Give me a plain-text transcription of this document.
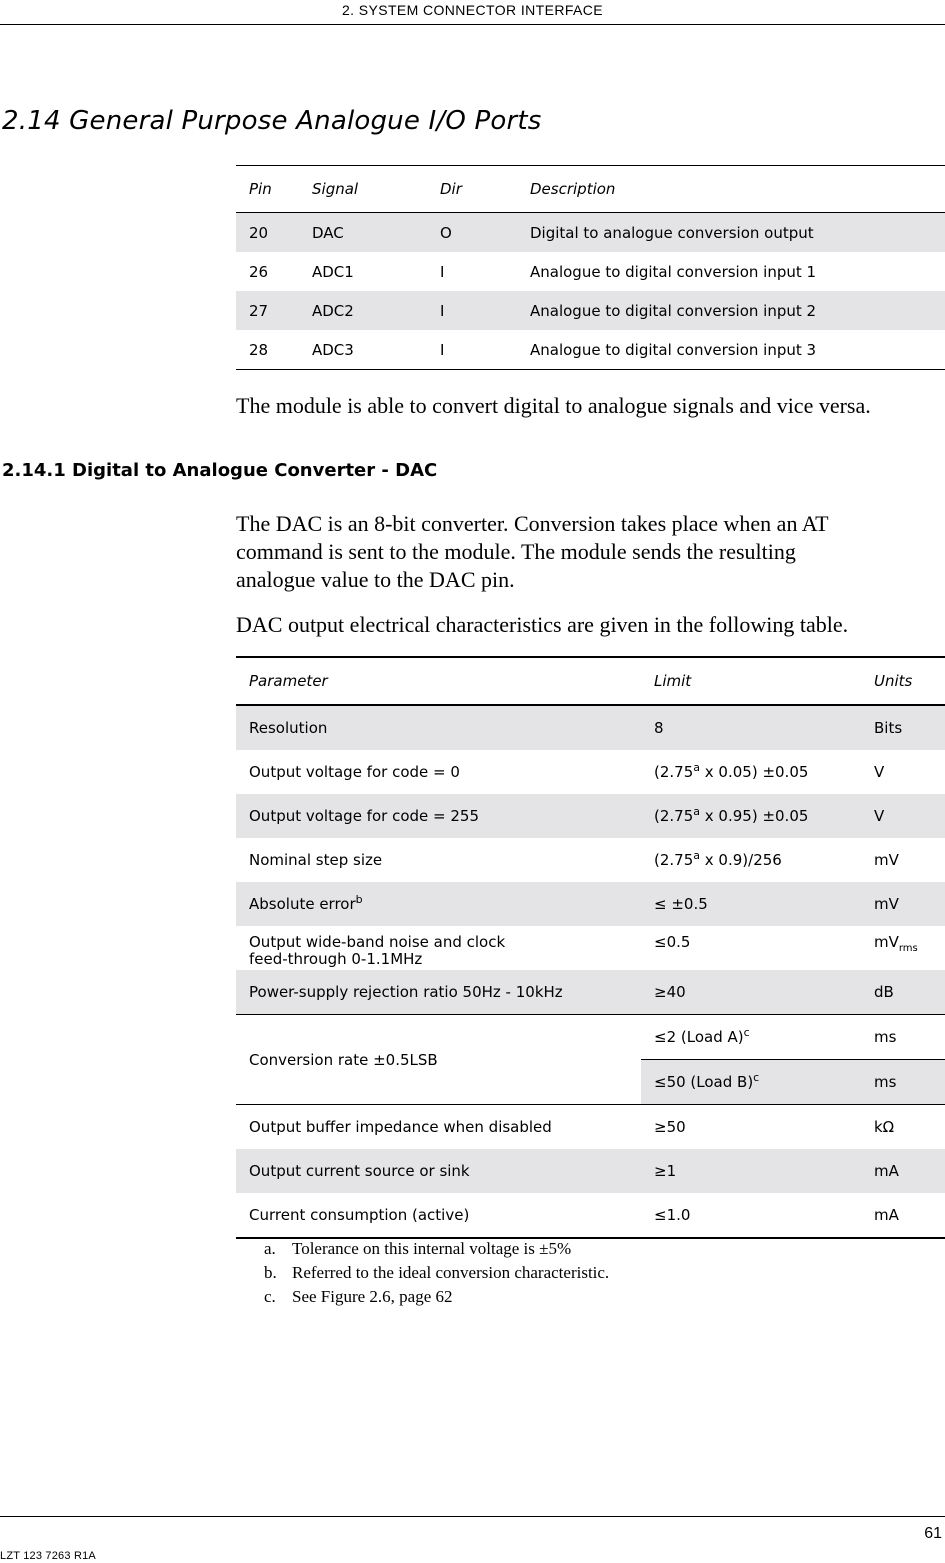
2. SYSTEM CONNECTOR INTERFACE
2.14 General Purpose Analogue I/O Ports
Pin	Signal	Dir	Description
20	DAC	O	Digital to analogue conversion output
26	ADC1	I	Analogue to digital conversion input 1
27	ADC2	I	Analogue to digital conversion input 2
28	ADC3	I	Analogue to digital conversion input 3

The module is able to convert digital to analogue signals and vice versa.

2.14.1 Digital to Analogue Converter - DAC

The DAC is an 8-bit converter. Conversion takes place when an AT
command is sent to the module. The module sends the resulting
analogue value to the DAC pin.

DAC output electrical characteristics are given in the following table.

Parameter	Limit	Units
Resolution	8	Bits
Output voltage for code = 0	(2.75$^a$ x 0.05) ±0.05	V
Output voltage for code = 255	(2.75$^a$ x 0.95) ±0.05	V
Nominal step size	(2.75$^a$ x 0.9)/256	mV
Absolute error$^b$	≤ ±0.5	mV
Output wide-band noise and clock
feed-through 0-1.1MHz	≤0.5	$mV_{rms}$
Power-supply rejection ratio 50Hz - 10kHz	≥40	dB
Conversion rate ±0.5LSB	≤2 (Load A)$^c$	ms
	≤50 (Load B)$^c$	ms
Output buffer impedance when disabled	≥50	kΩ
Output current source or sink	≥1	mA
Current consumption (active)	≤1.0	mA
a. Tolerance on this internal voltage is ±5%
b. Referred to the ideal conversion characteristic.
c. See Figure 2.6, page 62
61
LZT 123 7263 R1A
